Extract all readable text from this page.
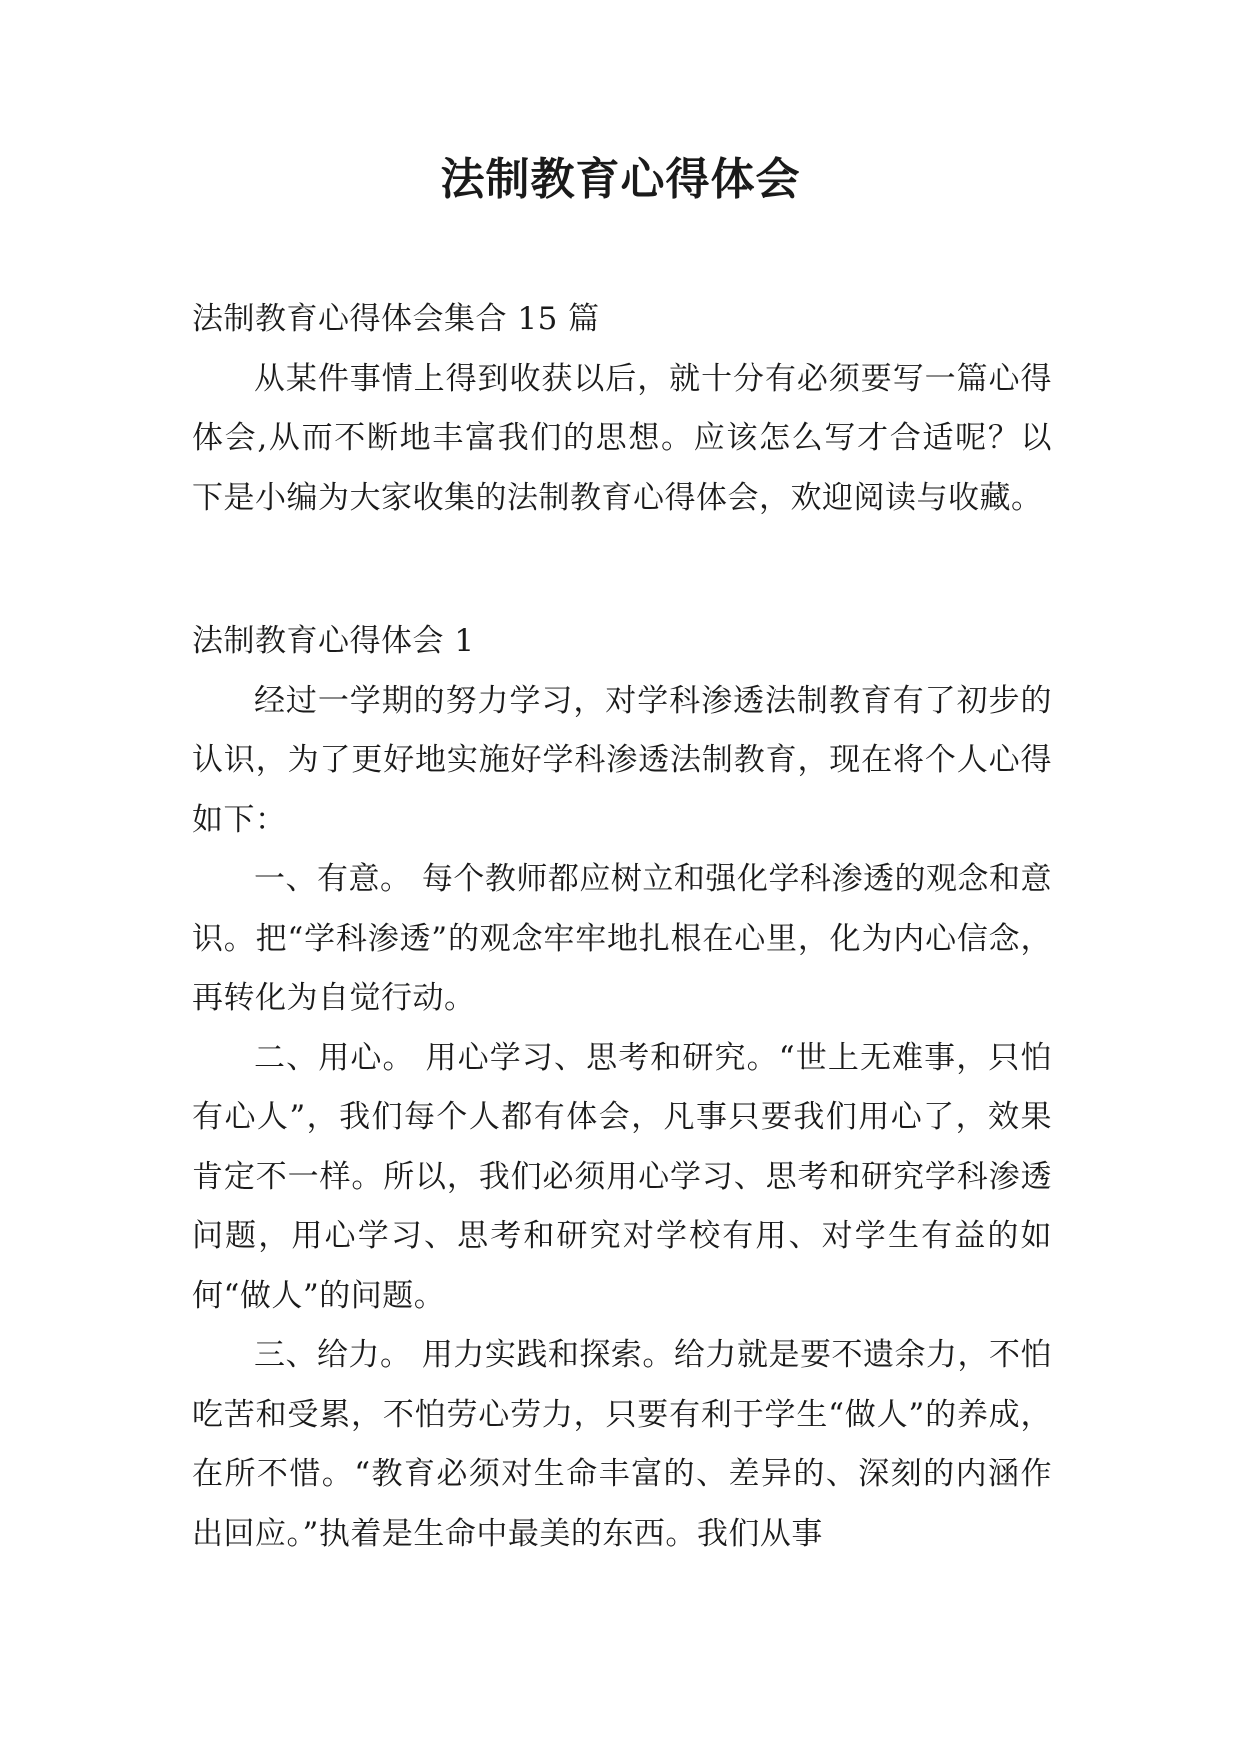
法制教育心得体会

法制教育心得体会集合 15 篇

从某件事情上得到收获以后，就十分有必须要写一篇心得体会,从而不断地丰富我们的思想。应该怎么写才合适呢？以下是小编为大家收集的法制教育心得体会，欢迎阅读与收藏。

法制教育心得体会 1

经过一学期的努力学习，对学科渗透法制教育有了初步的认识，为了更好地实施好学科渗透法制教育，现在将个人心得如下：

一、有意。 每个教师都应树立和强化学科渗透的观念和意识。把“学科渗透”的观念牢牢地扎根在心里，化为内心信念，再转化为自觉行动。

二、用心。 用心学习、思考和研究。“世上无难事，只怕有心人”，我们每个人都有体会，凡事只要我们用心了，效果肯定不一样。所以，我们必须用心学习、思考和研究学科渗透问题，用心学习、思考和研究对学校有用、对学生有益的如何“做人”的问题。

三、给力。 用力实践和探索。给力就是要不遗余力，不怕吃苦和受累，不怕劳心劳力，只要有利于学生“做人”的养成，在所不惜。“教育必须对生命丰富的、差异的、深刻的内涵作出回应。”执着是生命中最美的东西。我们从事
